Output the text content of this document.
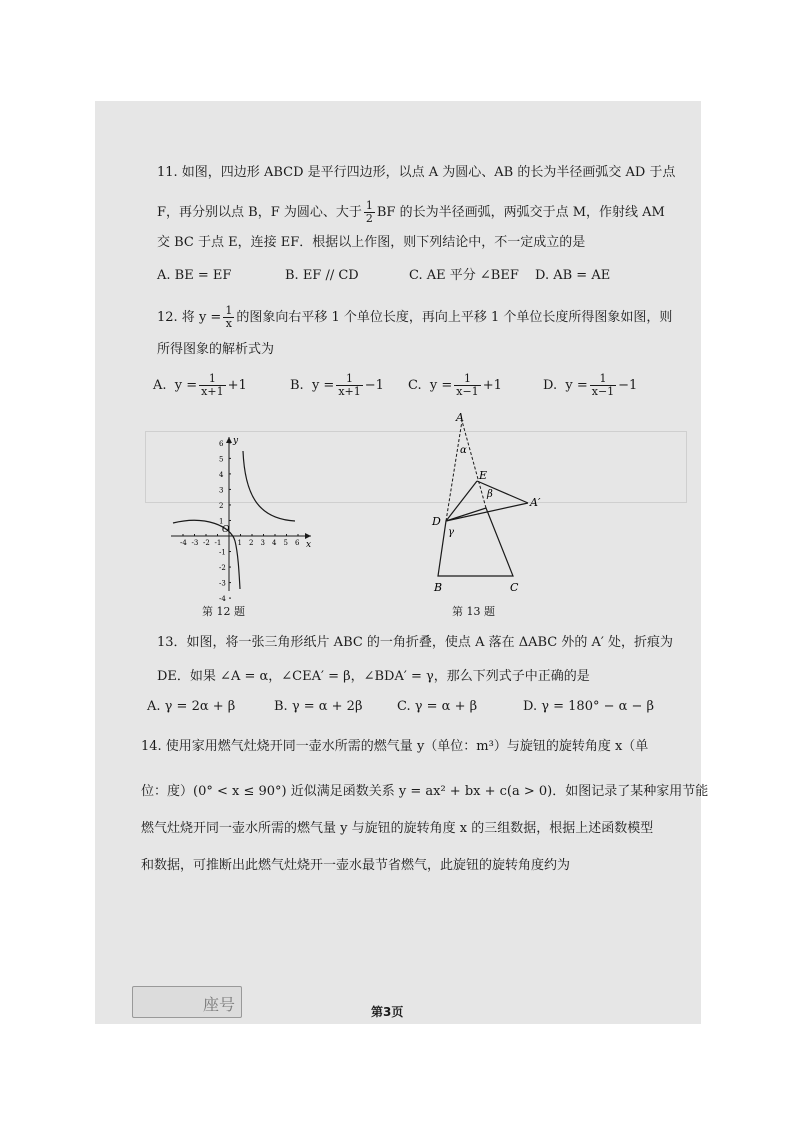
11. 如图，四边形 ABCD 是平行四边形，以点 A 为圆心、AB 的长为半径画弧交 AD 于点
F，再分别以点 B，F 为圆心、大于 $\frac{1}{2}$ BF 的长为半径画弧，两弧交于点 M，作射线 AM
交 BC 于点 E，连接 EF．根据以上作图，则下列结论中，不一定成立的是
A. BE = EF	B. EF // CD	C. AE 平分 ∠BEF D. AB = AE
12. 将 $y = \frac{1}{x}$ 的图象向右平移 1 个单位长度，再向上平移 1 个单位长度所得图象如图，则
所得图象的解析式为
A. $y = \frac{1}{x+1} +1$	B. $y = \frac{1}{x+1} -1$ C. $y = \frac{1}{x-1} +1$	D. $y = \frac{1}{x-1} -1$
-4 -3 -2 -1 1 2 3 4 5 6
6
5
4
3
2
1
-1
-2
-3
-4
O
x
y
第 12 题
A
α
E
β
A′
D
γ
B	C
第 13 题
13．如图，将一张三角形纸片 ABC 的一角折叠，使点 A 落在 ΔABC 外的 A′ 处，折痕为
DE．如果 ∠A = α，∠CEA′ = β，∠BDA′ = γ，那么下列式子中正确的是
A. γ = 2α + β	B. γ = α + 2β	C. γ = α + β	D. γ = 180° − α − β
14. 使用家用燃气灶烧开同一壶水所需的燃气量 y（单位：m³）与旋钮的旋转角度 x（单
位：度）(0° < x ≤ 90°) 近似满足函数关系 y = ax² + bx + c(a > 0)．如图记录了某种家用节能
燃气灶烧开同一壶水所需的燃气量 y 与旋钮的旋转角度 x 的三组数据，根据上述函数模型
和数据，可推断出此燃气灶烧开一壶水最节省燃气，此旋钮的旋转角度约为
座号	第3页
